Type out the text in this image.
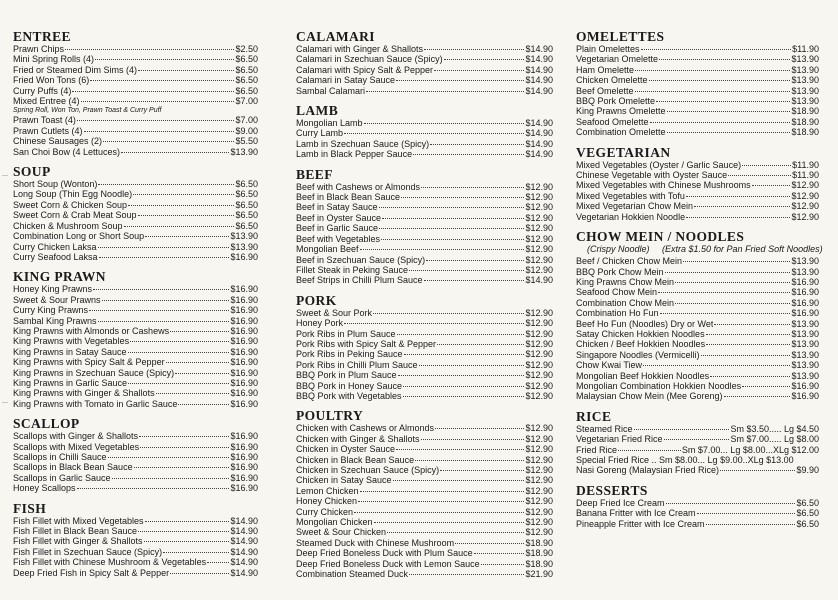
ENTREE
Prawn Chips	$2.50
Mini Spring Rolls (4)	$6.50
Fried or Steamed Dim Sims (4)	$6.50
Fried Won Tons (6)	$6.50
Curry Puffs (4)	$6.50
Mixed Entree (4)	$7.00
Spring Roll, Won Ton, Prawn Toast & Curry Puff
Prawn Toast (4)	$7.00
Prawn Cutlets (4)	$9.00
Chinese Sausages (2)	$5.50
San Choi Bow (4 Lettuces)	$13.90
SOUP
Short Soup (Wonton)	$6.50
Long Soup (Thin Egg Noodle)	$6.50
Sweet Corn & Chicken Soup	$6.50
Sweet Corn & Crab Meat Soup	$6.50
Chicken & Mushroom Soup	$6.50
Combination Long or Short Soup	$13.90
Curry Chicken Laksa	$13.90
Curry Seafood Laksa	$16.90
KING PRAWN
Honey King Prawns	$16.90
Sweet & Sour Prawns	$16.90
Curry King Prawns	$16.90
Sambal King Prawns	$16.90
King Prawns with Almonds or Cashews	$16.90
King Prawns with Vegetables	$16.90
King Prawns in Satay Sauce	$16.90
King Prawns with Spicy Salt & Pepper	$16.90
King Prawns in Szechuan Sauce (Spicy)	$16.90
King Prawns in Garlic Sauce	$16.90
King Prawns with Ginger & Shallots	$16.90
King Prawns with Tomato in Garlic Sauce	$16.90
SCALLOP
Scallops with Ginger & Shallots	$16.90
Scallops with Mixed Vegetables	$16.90
Scallops in Chilli Sauce	$16.90
Scallops in Black Bean Sauce	$16.90
Scallops in Garlic Sauce	$16.90
Honey Scallops	$16.90
FISH
Fish Fillet with Mixed Vegetables	$14.90
Fish Fillet in Black Bean Sauce	$14.90
Fish Fillet with Ginger & Shallots	$14.90
Fish Fillet in Szechuan Sauce (Spicy)	$14.90
Fish Fillet with Chinese Mushroom & Vegetables	$14.90
Deep Fried Fish in Spicy Salt & Pepper	$14.90
CALAMARI
Calamari with Ginger & Shallots	$14.90
Calamari in Szechuan Sauce (Spicy)	$14.90
Calamari with Spicy Salt & Pepper	$14.90
Calamari in Satay Sauce	$14.90
Sambal Calamari	$14.90
LAMB
Mongolian Lamb	$14.90
Curry Lamb	$14.90
Lamb in Szechuan Sauce (Spicy)	$14.90
Lamb in Black Pepper Sauce	$14.90
BEEF
Beef with Cashews or Almonds	$12.90
Beef in Black Bean Sauce	$12.90
Beef in Satay Sauce	$12.90
Beef in Oyster Sauce	$12.90
Beef in Garlic Sauce	$12.90
Beef with Vegetables	$12.90
Mongolian Beef	$12.90
Beef in Szechuan Sauce (Spicy)	$12.90
Fillet Steak in Peking Sauce	$12.90
Beef Strips in Chilli Plum Sauce	$14.90
PORK
Sweet & Sour Pork	$12.90
Honey Pork	$12.90
Pork Ribs in Plum Sauce	$12.90
Pork Ribs with Spicy Salt & Pepper	$12.90
Pork Ribs in Peking Sauce	$12.90
Pork Ribs in Chilli Plum Sauce	$12.90
BBQ Pork in Plum Sauce	$12.90
BBQ Pork in Honey Sauce	$12.90
BBQ Pork with Vegetables	$12.90
POULTRY
Chicken with Cashews or Almonds	$12.90
Chicken with Ginger & Shallots	$12.90
Chicken in Oyster Sauce	$12.90
Chicken in Black Bean Sauce	$12.90
Chicken in Szechuan Sauce (Spicy)	$12.90
Chicken in Satay Sauce	$12.90
Lemon Chicken	$12.90
Honey Chicken	$12.90
Curry Chicken	$12.90
Mongolian Chicken	$12.90
Sweet & Sour Chicken	$12.90
Steamed Duck with Chinese Mushroom	$18.90
Deep Fried Boneless Duck with Plum Sauce	$18.90
Deep Fried Boneless Duck with Lemon Sauce	$18.90
Combination Steamed Duck	$21.90
OMELETTES
Plain Omelettes	$11.90
Vegetarian Omelette	$13.90
Ham Omelette	$13.90
Chicken Omelette	$13.90
Beef Omelette	$13.90
BBQ Pork Omelette	$13.90
King Prawns Omelette	$18.90
Seafood Omelette	$18.90
Combination Omelette	$18.90
VEGETARIAN
Mixed Vegetables (Oyster / Garlic Sauce)	$11.90
Chinese Vegetable with Oyster Sauce	$11.90
Mixed Vegetables with Chinese Mushrooms	$12.90
Mixed Vegetables with Tofu	$12.90
Mixed Vegetarian Chow Mein	$12.90
Vegetarian Hokkien Noodle	$12.90
CHOW MEIN / NOODLES
(Crispy Noodle)     (Extra $1.50 for Pan Fried Soft Noodles)
Beef / Chicken Chow Mein	$13.90
BBQ Pork Chow Mein	$13.90
King Prawns Chow Mein	$16.90
Seafood Chow Mein	$16.90
Combination Chow Mein	$16.90
Combination Ho Fun	$16.90
Beef Ho Fun (Noodles) Dry or Wet	$13.90
Satay Chicken Hokkien Noodles	$13.90
Chicken / Beef Hokkien Noodles	$13.90
Singapore Noodles (Vermicelli)	$13.90
Chow Kwai Tiew	$13.90
Mongolian Beef Hokkien Noodles	$13.90
Mongolian Combination Hokkien Noodles	$16.90
Malaysian Chow Mein (Mee Goreng)	$16.90
RICE
Steamed Rice	Sm $3.50..... Lg $4.50
Vegetarian Fried Rice	Sm $7.00..... Lg $8.00
Fried Rice	Sm $7.00... Lg $8.00...XLg $12.00
Special Fried Rice .. Sm $8.00... Lg $9.00..XLg $13.00
Nasi Goreng (Malaysian Fried Rice)	$9.90
DESSERTS
Deep Fried Ice Cream	$6.50
Banana Fritter with Ice Cream	$6.50
Pineapple Fritter with Ice Cream	$6.50
